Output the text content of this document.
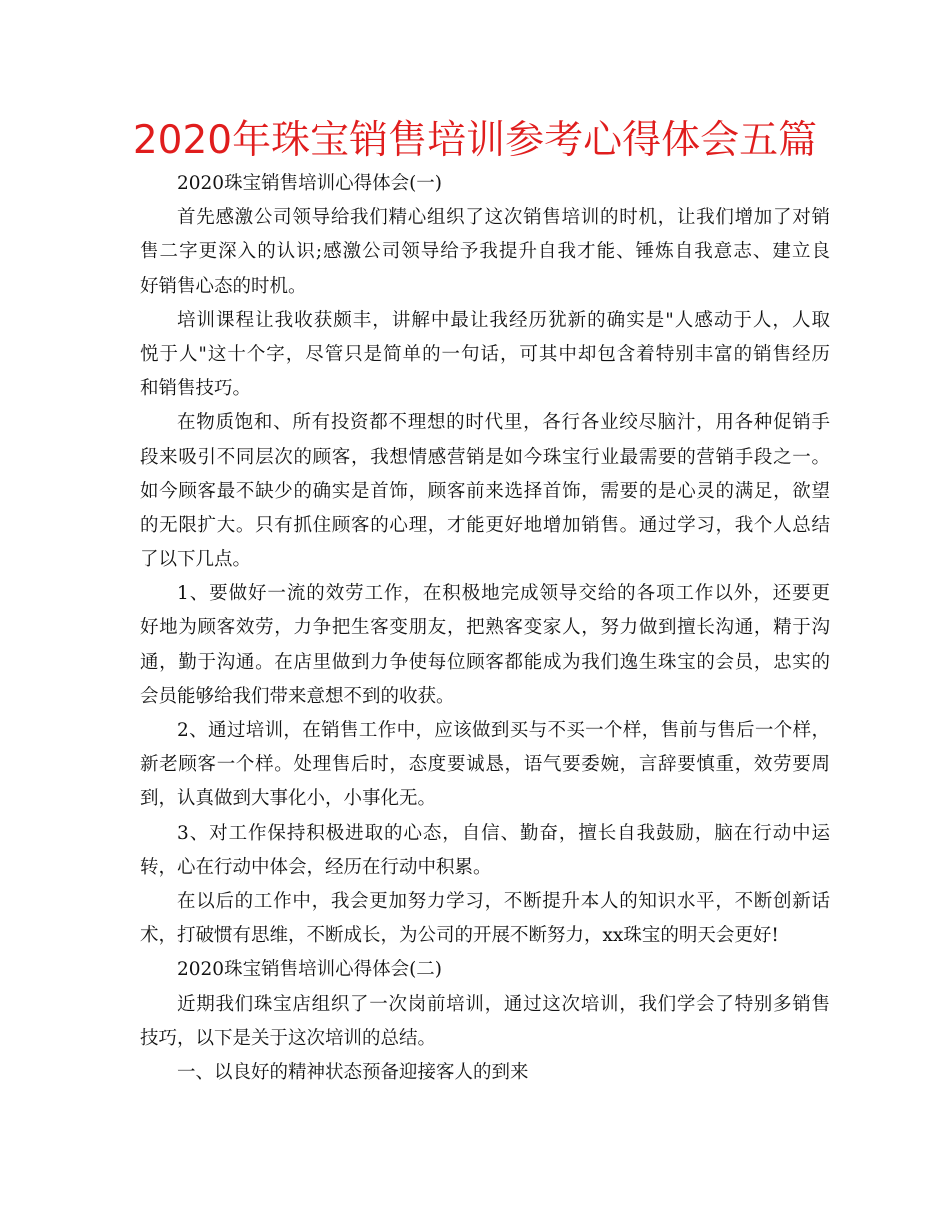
2020年珠宝销售培训参考心得体会五篇
2020珠宝销售培训心得体会(一)
首先感激公司领导给我们精心组织了这次销售培训的时机，让我们增加了对销
售二字更深入的认识;感激公司领导给予我提升自我才能、锤炼自我意志、建立良
好销售心态的时机。
培训课程让我收获颇丰，讲解中最让我经历犹新的确实是"人感动于人，人取
悦于人"这十个字，尽管只是简单的一句话，可其中却包含着特别丰富的销售经历
和销售技巧。
在物质饱和、所有投资都不理想的时代里，各行各业绞尽脑汁，用各种促销手
段来吸引不同层次的顾客，我想情感营销是如今珠宝行业最需要的营销手段之一。
如今顾客最不缺少的确实是首饰，顾客前来选择首饰，需要的是心灵的满足，欲望
的无限扩大。只有抓住顾客的心理，才能更好地增加销售。通过学习，我个人总结
了以下几点。
1、要做好一流的效劳工作，在积极地完成领导交给的各项工作以外，还要更
好地为顾客效劳，力争把生客变朋友，把熟客变家人，努力做到擅长沟通，精于沟
通，勤于沟通。在店里做到力争使每位顾客都能成为我们逸生珠宝的会员，忠实的
会员能够给我们带来意想不到的收获。
2、通过培训，在销售工作中，应该做到买与不买一个样，售前与售后一个样，
新老顾客一个样。处理售后时，态度要诚恳，语气要委婉，言辞要慎重，效劳要周
到，认真做到大事化小，小事化无。
3、对工作保持积极进取的心态，自信、勤奋，擅长自我鼓励，脑在行动中运
转，心在行动中体会，经历在行动中积累。
在以后的工作中，我会更加努力学习，不断提升本人的知识水平，不断创新话
术，打破惯有思维，不断成长，为公司的开展不断努力，xx珠宝的明天会更好!
2020珠宝销售培训心得体会(二)
近期我们珠宝店组织了一次岗前培训，通过这次培训，我们学会了特别多销售
技巧，以下是关于这次培训的总结。
一、以良好的精神状态预备迎接客人的到来
